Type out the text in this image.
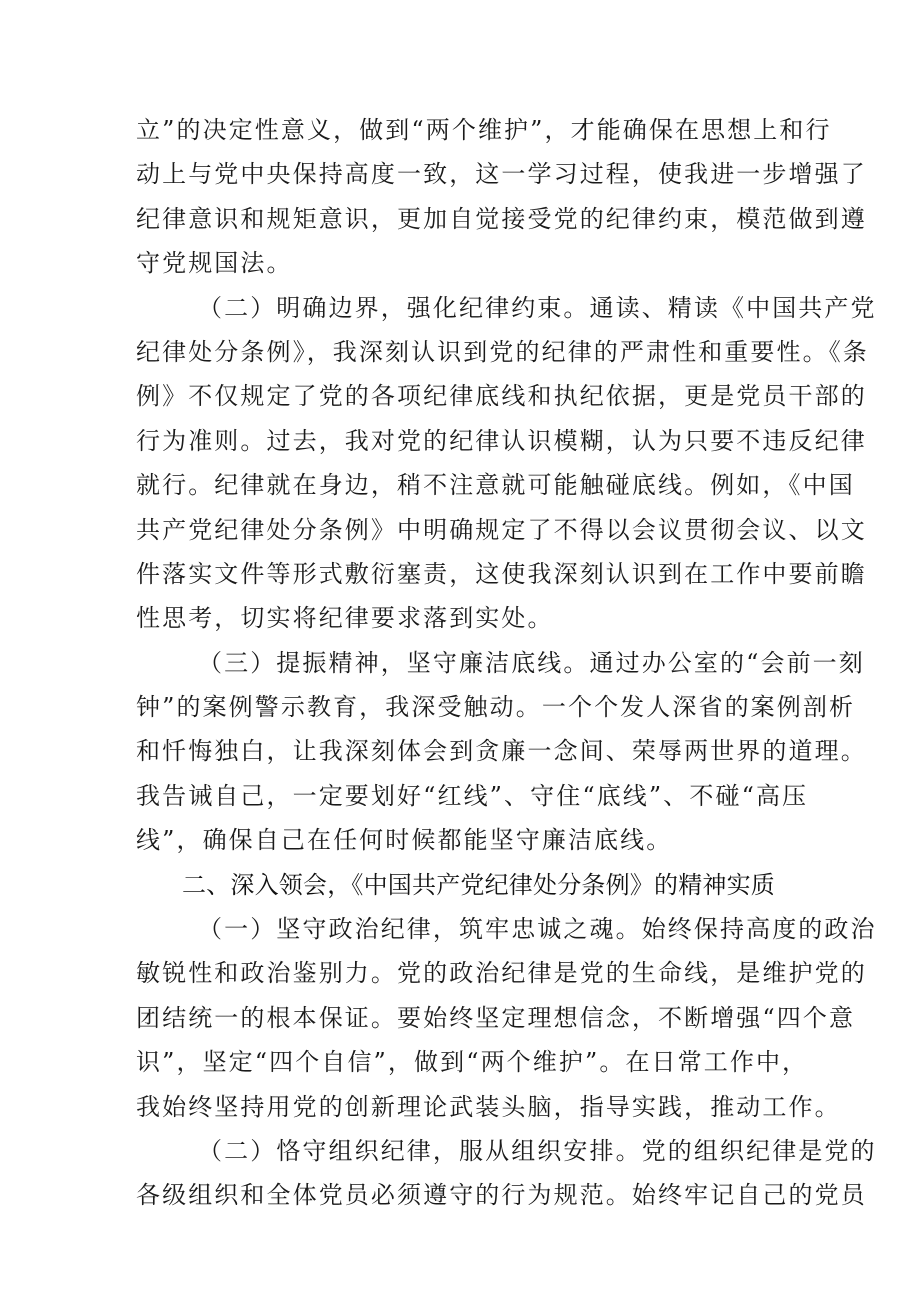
立”的决定性意义，做到“两个维护”，才能确保在思想上和行
动上与党中央保持高度一致，这一学习过程，使我进一步增强了
纪律意识和规矩意识，更加自觉接受党的纪律约束，模范做到遵
守党规国法。
（二）明确边界，强化纪律约束。通读、精读《中国共产党
纪律处分条例》，我深刻认识到党的纪律的严肃性和重要性。《条
例》不仅规定了党的各项纪律底线和执纪依据，更是党员干部的
行为准则。过去，我对党的纪律认识模糊，认为只要不违反纪律
就行。纪律就在身边，稍不注意就可能触碰底线。例如，《中国
共产党纪律处分条例》中明确规定了不得以会议贯彻会议、以文
件落实文件等形式敷衍塞责，这使我深刻认识到在工作中要前瞻
性思考，切实将纪律要求落到实处。
（三）提振精神，坚守廉洁底线。通过办公室的“会前一刻
钟”的案例警示教育，我深受触动。一个个发人深省的案例剖析
和忏悔独白，让我深刻体会到贪廉一念间、荣辱两世界的道理。
我告诫自己，一定要划好“红线”、守住“底线”、不碰“高压
线”，确保自己在任何时候都能坚守廉洁底线。
二、深入领会，《中国共产党纪律处分条例》的精神实质
（一）坚守政治纪律，筑牢忠诚之魂。始终保持高度的政治
敏锐性和政治鉴别力。党的政治纪律是党的生命线，是维护党的
团结统一的根本保证。要始终坚定理想信念，不断增强“四个意
识”，坚定“四个自信”，做到“两个维护”。在日常工作中，
我始终坚持用党的创新理论武装头脑，指导实践，推动工作。
（二）恪守组织纪律，服从组织安排。党的组织纪律是党的
各级组织和全体党员必须遵守的行为规范。始终牢记自己的党员
